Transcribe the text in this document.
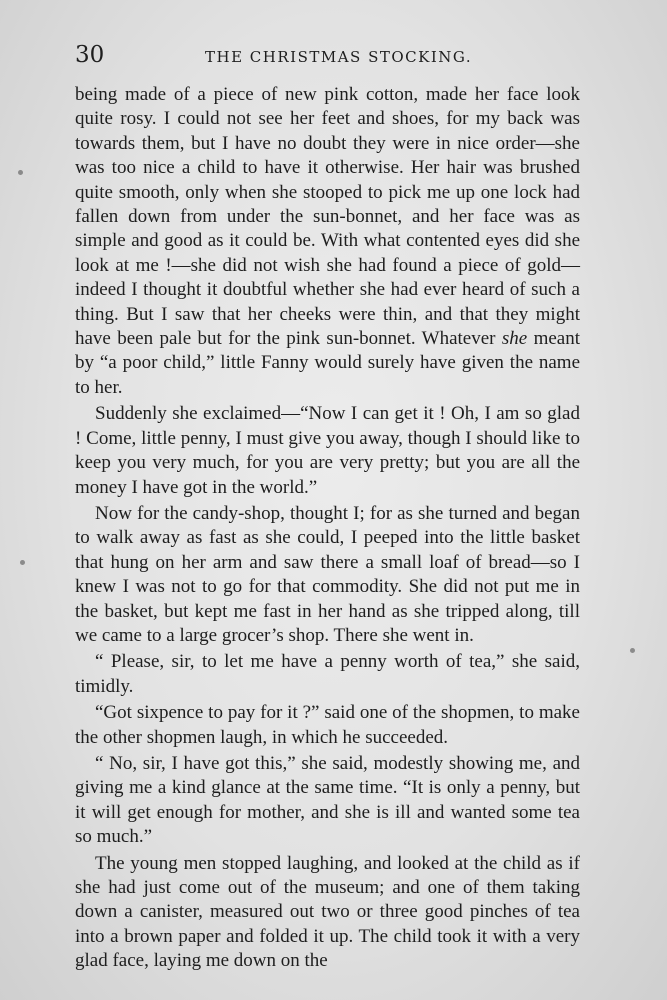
30	THE CHRISTMAS STOCKING.

being made of a piece of new pink cotton, made her face look quite rosy. I could not see her feet and shoes, for my back was towards them, but I have no doubt they were in nice order—she was too nice a child to have it otherwise. Her hair was brushed quite smooth, only when she stooped to pick me up one lock had fallen down from under the sun-bonnet, and her face was as simple and good as it could be. With what contented eyes did she look at me !—she did not wish she had found a piece of gold—indeed I thought it doubtful whether she had ever heard of such a thing. But I saw that her cheeks were thin, and that they might have been pale but for the pink sun-bonnet. Whatever she meant by “a poor child,” little Fanny would surely have given the name to her.

Suddenly she exclaimed—“Now I can get it ! Oh, I am so glad ! Come, little penny, I must give you away, though I should like to keep you very much, for you are very pretty; but you are all the money I have got in the world.”

Now for the candy-shop, thought I; for as she turned and began to walk away as fast as she could, I peeped into the little basket that hung on her arm and saw there a small loaf of bread—so I knew I was not to go for that commodity. She did not put me in the basket, but kept me fast in her hand as she tripped along, till we came to a large grocer’s shop. There she went in.

“ Please, sir, to let me have a penny worth of tea,” she said, timidly.

“Got sixpence to pay for it ?” said one of the shopmen, to make the other shopmen laugh, in which he succeeded.

“ No, sir, I have got this,” she said, modestly showing me, and giving me a kind glance at the same time. “It is only a penny, but it will get enough for mother, and she is ill and wanted some tea so much.”

The young men stopped laughing, and looked at the child as if she had just come out of the museum; and one of them taking down a canister, measured out two or three good pinches of tea into a brown paper and folded it up. The child took it with a very glad face, laying me down on the
